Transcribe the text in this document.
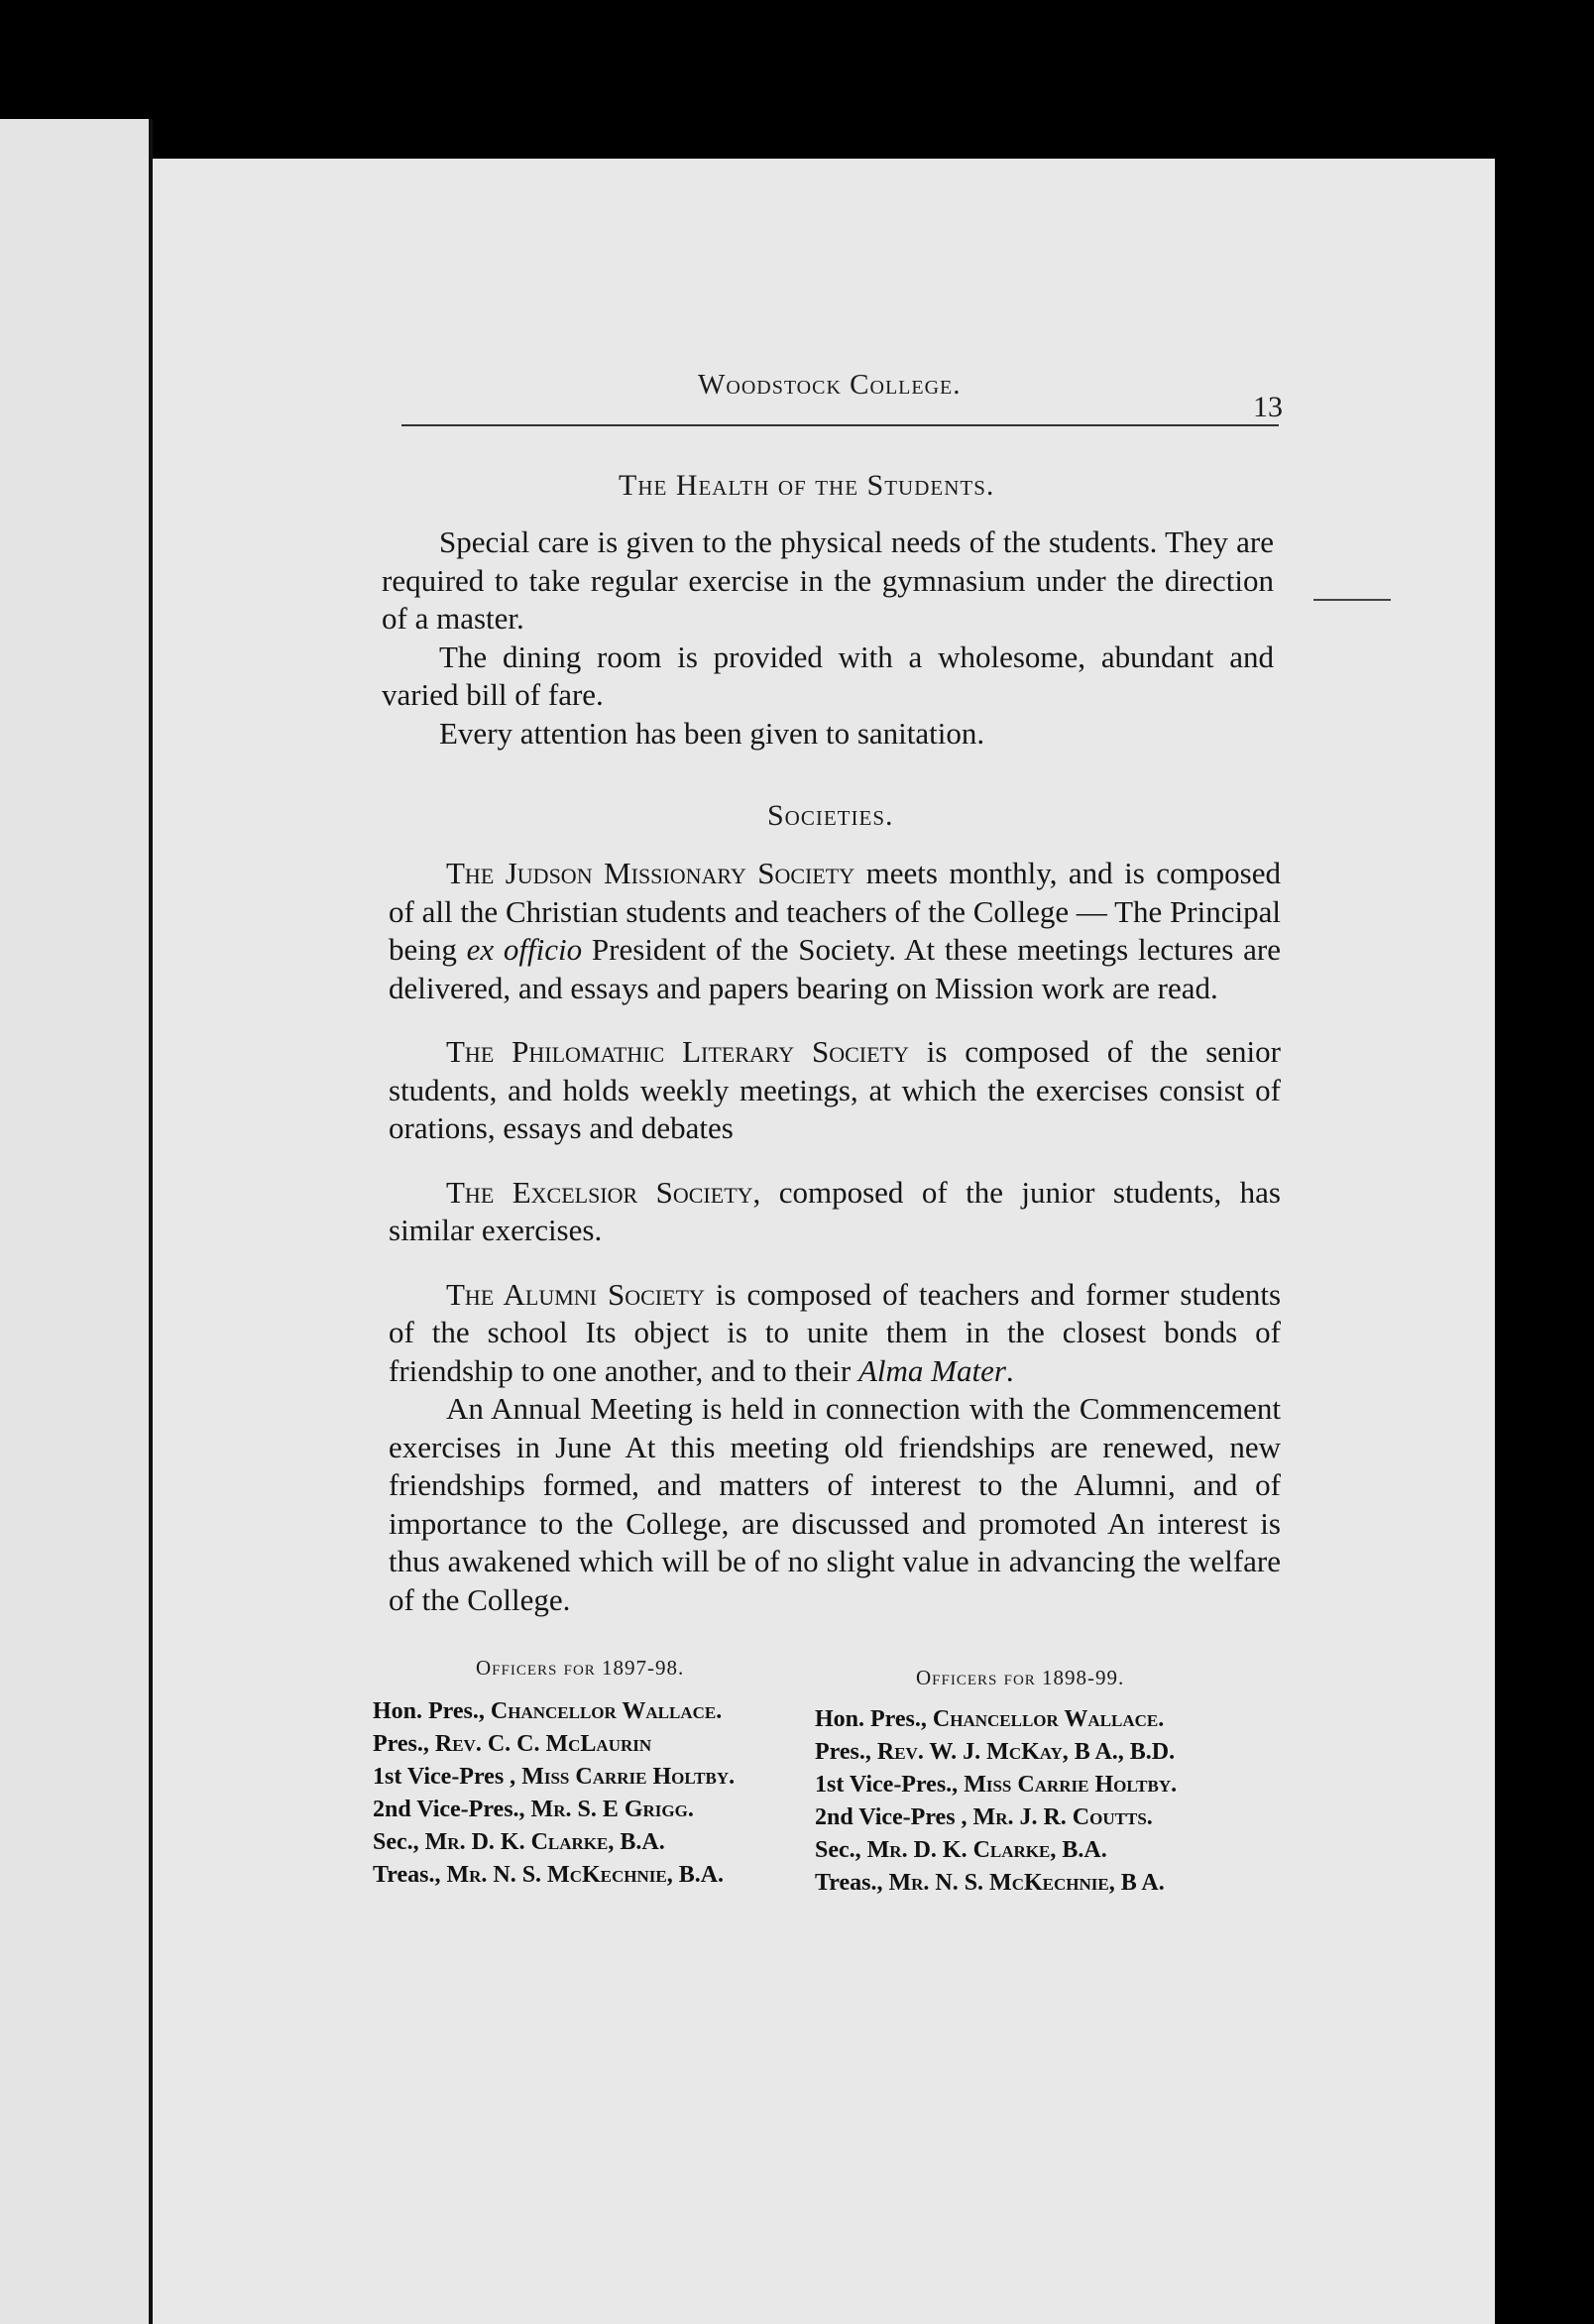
Woodstock College.
13
The Health of the Students.

Special care is given to the physical needs of the students. They are required to take regular exercise in the gymnasium under the direction of a master.

The dining room is provided with a wholesome, abundant and varied bill of fare.

Every attention has been given to sanitation.

Societies.

The Judson Missionary Society meets monthly, and is composed of all the Christian students and teachers of the College — The Principal being ex officio President of the Society. At these meetings lectures are delivered, and essays and papers bearing on Mission work are read.

The Philomathic Literary Society is composed of the senior students, and holds weekly meetings, at which the exercises consist of orations, essays and debates

The Excelsior Society, composed of the junior students, has similar exercises.

The Alumni Society is composed of teachers and former students of the school Its object is to unite them in the closest bonds of friendship to one another, and to their Alma Mater.

An Annual Meeting is held in connection with the Commencement exercises in June At this meeting old friendships are renewed, new friendships formed, and matters of interest to the Alumni, and of importance to the College, are discussed and promoted An interest is thus awakened which will be of no slight value in advancing the welfare of the College.

Officers for 1897-98.	Officers for 1898-99.
Hon. Pres., Chancellor Wallace.
Pres., Rev. C. C. McLaurin
1st Vice-Pres , Miss Carrie Holtby.
2nd Vice-Pres., Mr. S. E Grigg.
Sec., Mr. D. K. Clarke, B.A.
Treas., Mr. N. S. McKechnie, B.A.
Hon. Pres., Chancellor Wallace.
Pres., Rev. W. J. McKay, B A., B.D.
1st Vice-Pres., Miss Carrie Holtby.
2nd Vice-Pres , Mr. J. R. Coutts.
Sec., Mr. D. K. Clarke, B.A.
Treas., Mr. N. S. McKechnie, B A.
